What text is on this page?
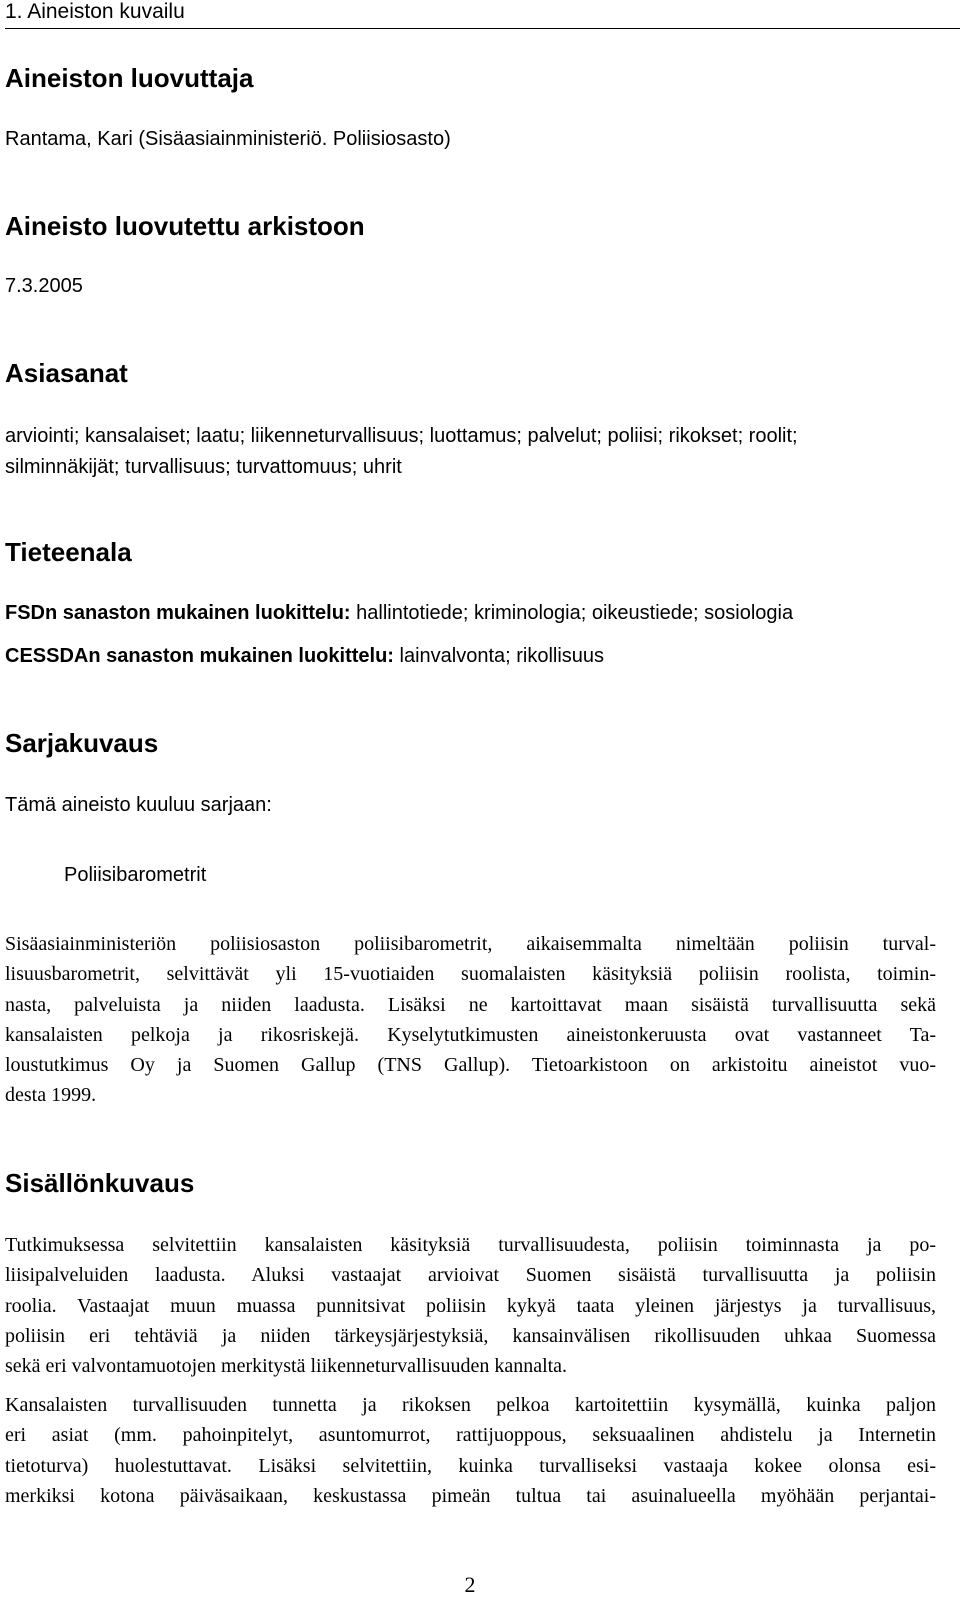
1. Aineiston kuvailu
Aineiston luovuttaja
Rantama, Kari (Sisäasiainministeriö. Poliisiosasto)
Aineisto luovutettu arkistoon
7.3.2005
Asiasanat
arviointi; kansalaiset; laatu; liikenneturvallisuus; luottamus; palvelut; poliisi; rikokset; roolit;
silminnäkijät; turvallisuus; turvattomuus; uhrit
Tieteenala
FSDn sanaston mukainen luokittelu: hallintotiede; kriminologia; oikeustiede; sosiologia
CESSDAn sanaston mukainen luokittelu: lainvalvonta; rikollisuus
Sarjakuvaus
Tämä aineisto kuuluu sarjaan:
Poliisibarometrit
Sisäasiainministeriön poliisiosaston poliisibarometrit, aikaisemmalta nimeltään poliisin turval-
lisuusbarometrit, selvittävät yli 15-vuotiaiden suomalaisten käsityksiä poliisin roolista, toimin-
nasta, palveluista ja niiden laadusta. Lisäksi ne kartoittavat maan sisäistä turvallisuutta sekä
kansalaisten pelkoja ja rikosriskejä. Kyselytutkimusten aineistonkeruusta ovat vastanneet Ta-
loustutkimus Oy ja Suomen Gallup (TNS Gallup). Tietoarkistoon on arkistoitu aineistot vuo-
desta 1999.
Sisällönkuvaus
Tutkimuksessa selvitettiin kansalaisten käsityksiä turvallisuudesta, poliisin toiminnasta ja po-
liisipalveluiden laadusta. Aluksi vastaajat arvioivat Suomen sisäistä turvallisuutta ja poliisin
roolia. Vastaajat muun muassa punnitsivat poliisin kykyä taata yleinen järjestys ja turvallisuus,
poliisin eri tehtäviä ja niiden tärkeysjärjestyksiä, kansainvälisen rikollisuuden uhkaa Suomessa
sekä eri valvontamuotojen merkitystä liikenneturvallisuuden kannalta.
Kansalaisten turvallisuuden tunnetta ja rikoksen pelkoa kartoitettiin kysymällä, kuinka paljon
eri asiat (mm. pahoinpitelyt, asuntomurrot, rattijuoppous, seksuaalinen ahdistelu ja Internetin
tietoturva) huolestuttavat. Lisäksi selvitettiin, kuinka turvalliseksi vastaaja kokee olonsa esi-
merkiksi kotona päiväsaikaan, keskustassa pimeän tultua tai asuinalueella myöhään perjantai-
2
